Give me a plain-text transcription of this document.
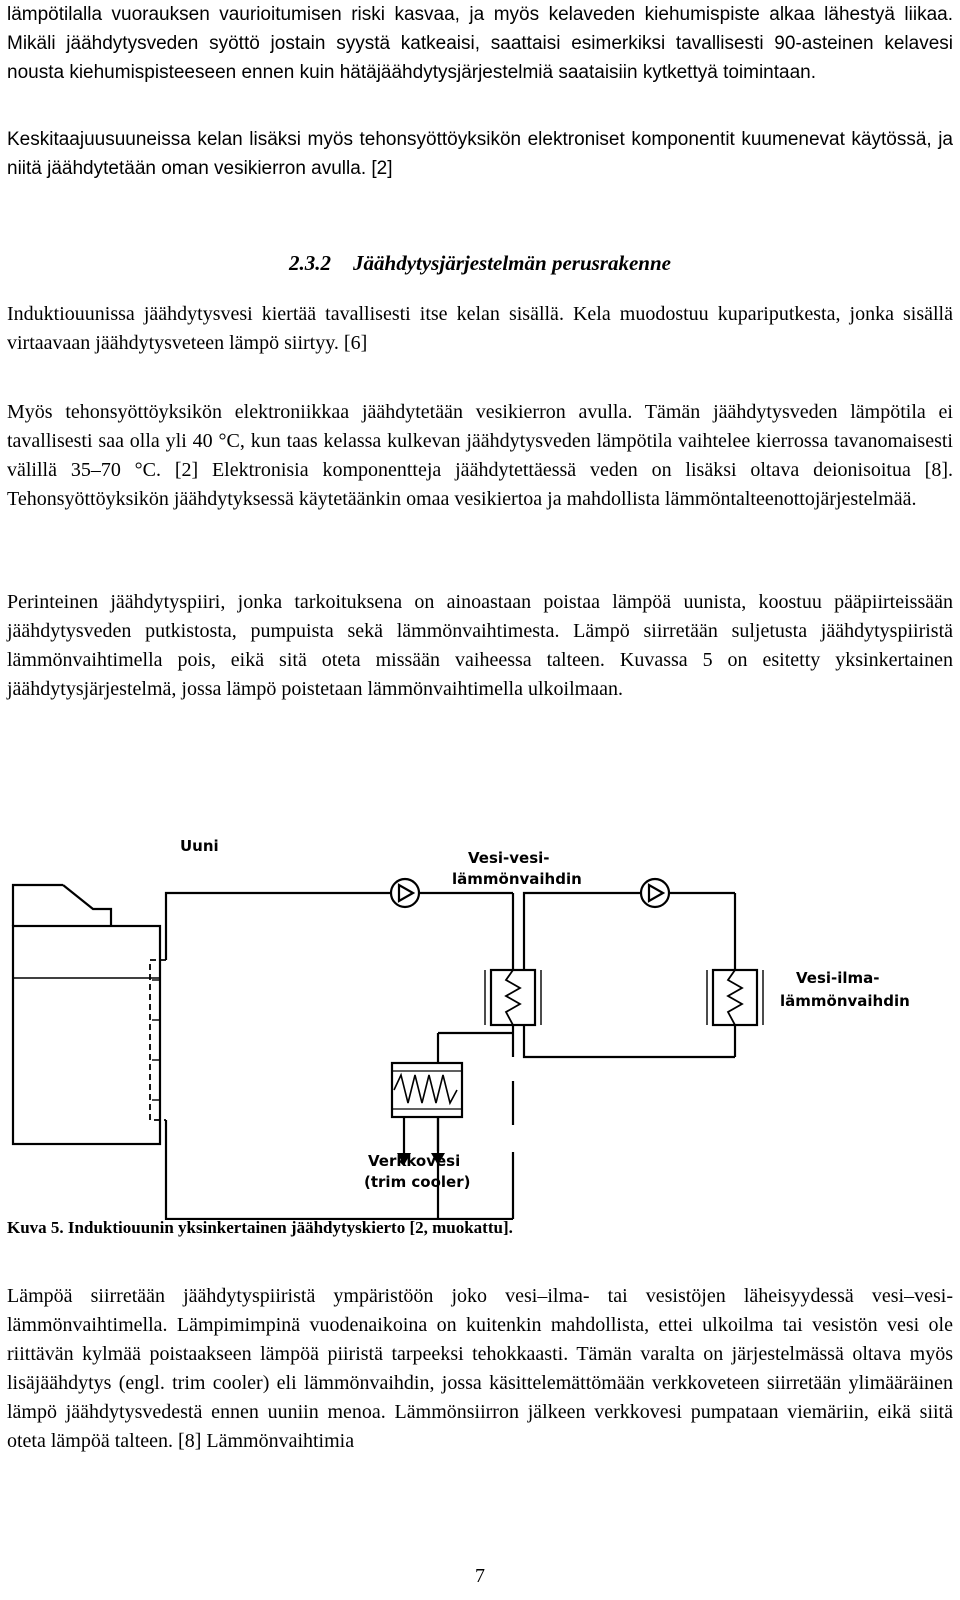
lämpötilalla vuorauksen vaurioitumisen riski kasvaa, ja myös kelaveden kiehumispiste alkaa lähestyä liikaa. Mikäli jäähdytysveden syöttö jostain syystä katkeaisi, saattaisi esimerkiksi tavallisesti 90-asteinen kelavesi nousta kiehumispisteeseen ennen kuin hätäjäähdytysjärjestelmiä saataisiin kytkettyä toimintaan.

Keskitaajuusuuneissa kelan lisäksi myös tehonsyöttöyksikön elektroniset komponentit kuumenevat käytössä, ja niitä jäähdytetään oman vesikierron avulla. [2]

2.3.2 Jäähdytysjärjestelmän perusrakenne

Induktiouunissa jäähdytysvesi kiertää tavallisesti itse kelan sisällä. Kela muodostuu kupariputkesta, jonka sisällä virtaavaan jäähdytysveteen lämpö siirtyy. [6]

Myös tehonsyöttöyksikön elektroniikkaa jäähdytetään vesikierron avulla. Tämän jäähdytysveden lämpötila ei tavallisesti saa olla yli 40 °C, kun taas kelassa kulkevan jäähdytysveden lämpötila vaihtelee kierrossa tavanomaisesti välillä 35–70 °C. [2] Elektronisia komponentteja jäähdytettäessä veden on lisäksi oltava deionisoitua [8]. Tehonsyöttöyksikön jäähdytyksessä käytetäänkin omaa vesikiertoa ja mahdollista lämmöntalteenottojärjestelmää.

Perinteinen jäähdytyspiiri, jonka tarkoituksena on ainoastaan poistaa lämpöä uunista, koostuu pääpiirteissään jäähdytysveden putkistosta, pumpuista sekä lämmönvaihtimesta. Lämpö siirretään suljetusta jäähdytyspiiristä lämmönvaihtimella pois, eikä sitä oteta missään vaiheessa talteen. Kuvassa 5 on esitetty yksinkertainen jäähdytysjärjestelmä, jossa lämpö poistetaan lämmönvaihtimella ulkoilmaan.

Uuni
Vesi-vesi-
lämmönvaihdin
Vesi-ilma-
lämmönvaihdin
Verkkovesi
(trim cooler)

Kuva 5. Induktiouunin yksinkertainen jäähdytyskierto [2, muokattu].

Lämpöä siirretään jäähdytyspiiristä ympäristöön joko vesi–ilma- tai vesistöjen läheisyydessä vesi–vesi-lämmönvaihtimella. Lämpimimpinä vuodenaikoina on kuitenkin mahdollista, ettei ulkoilma tai vesistön vesi ole riittävän kylmää poistaakseen lämpöä piiristä tarpeeksi tehokkaasti. Tämän varalta on järjestelmässä oltava myös lisäjäähdytys (engl. trim cooler) eli lämmönvaihdin, jossa käsittelemättömään verkkoveteen siirretään ylimääräinen lämpö jäähdytysvedestä ennen uuniin menoa. Lämmönsiirron jälkeen verkkovesi pumpataan viemäriin, eikä siitä oteta lämpöä talteen. [8] Lämmönvaihtimia

7
